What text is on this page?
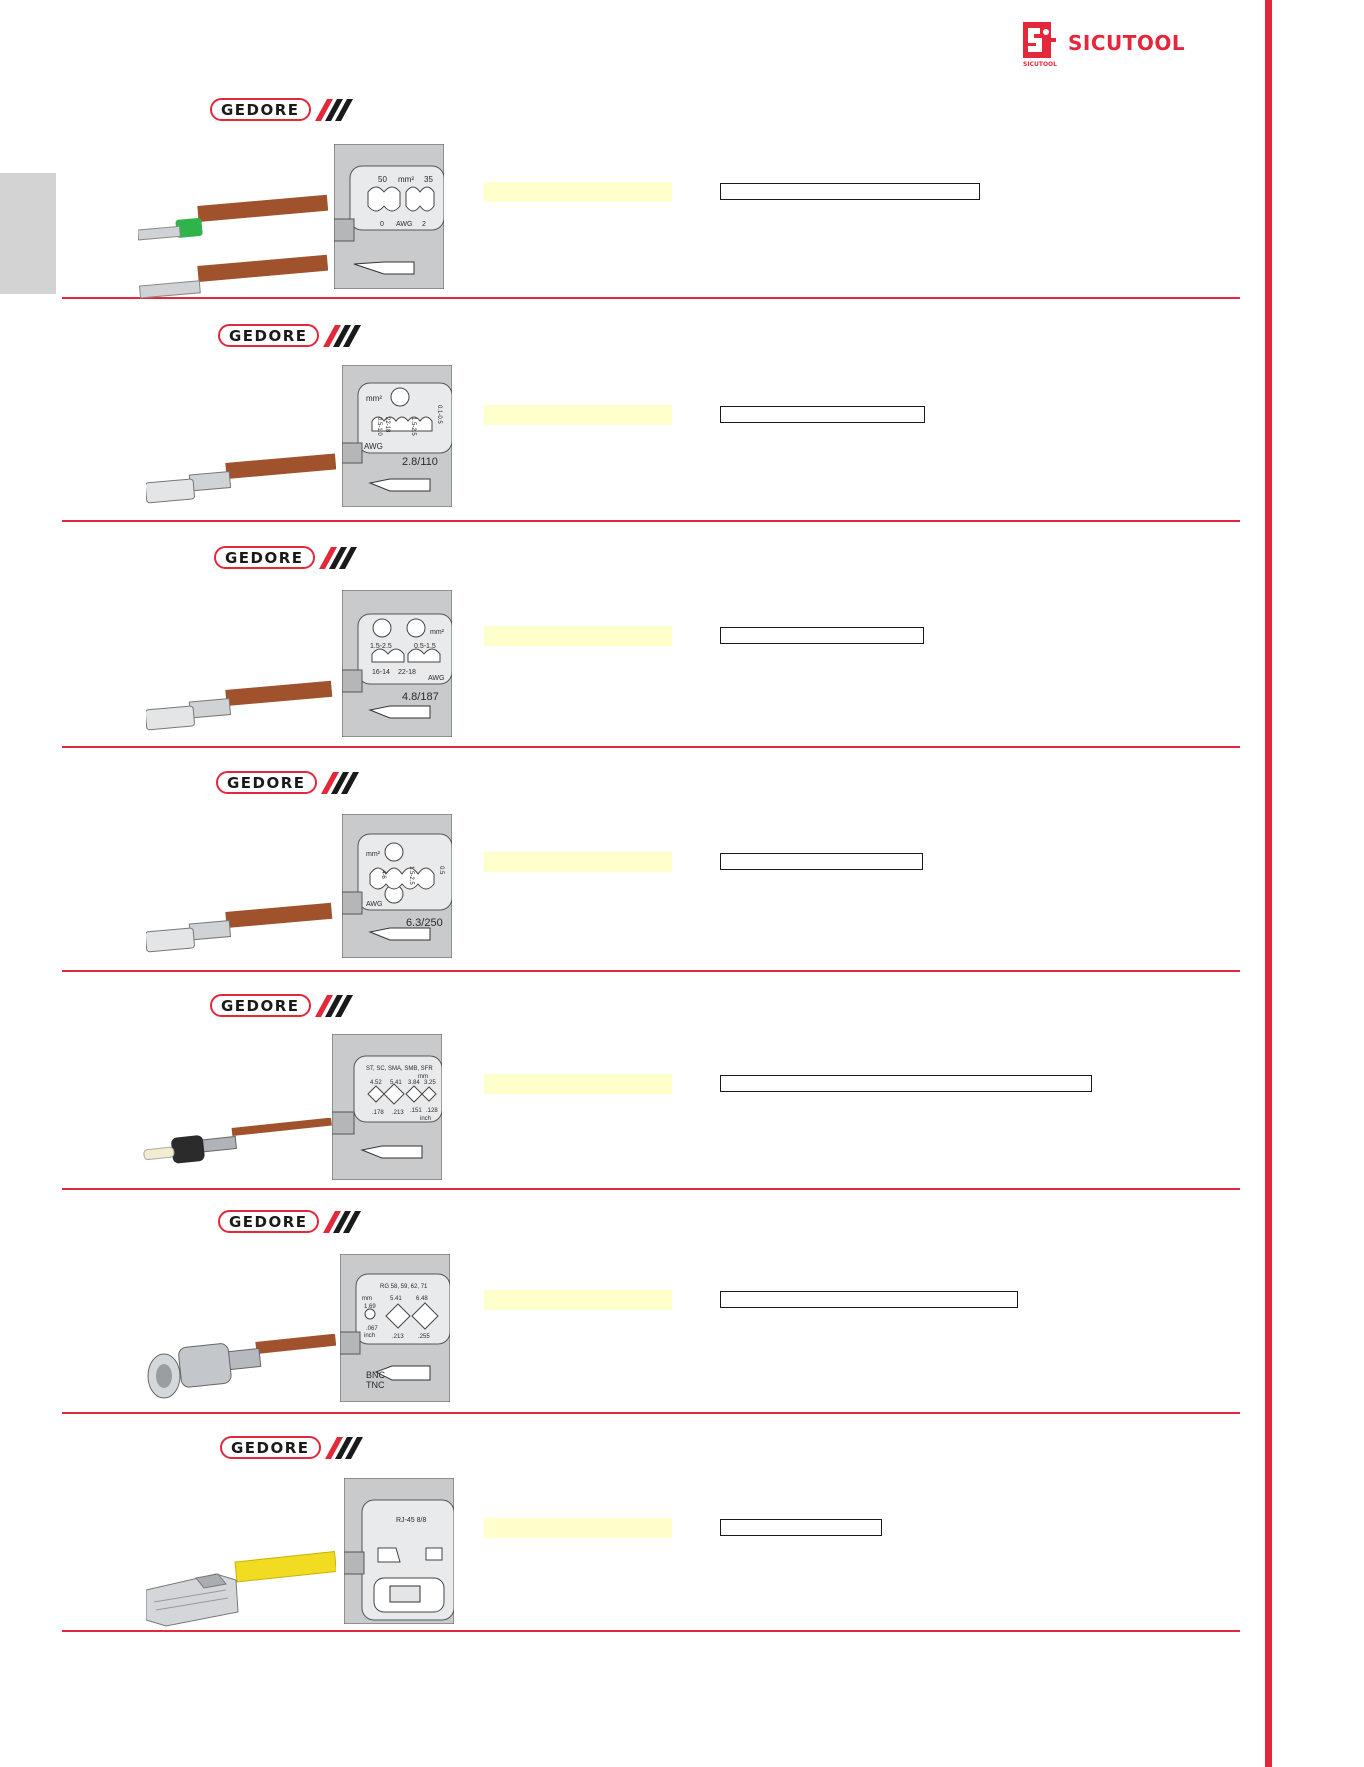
SICUTOOL
SICUTOOL
GEDORE
50 mm² 35
0 AWG 2
GEDORE
mm²
AWG
0.5-1.0 22-18	1.5-2.5
0.1-0.5
2.8/110
GEDORE
1.5-2.5	0.5-1.5
mm²
16-14 22-18
AWG
4.8/187
GEDORE
mm²
AWG
4-6	1.5-2.5	0.5
6.3/250
GEDORE
ST, SC, SMA, SMB, SFR
mm
4.52 5.41 3.84 3.25
.178 .213 .151 .128
inch
GEDORE
RG 58, 59, 62, 71
mm
1.69
5.41 6.48
.067
inch	.213 .255
BNC
TNC
GEDORE
RJ-45 8/8
